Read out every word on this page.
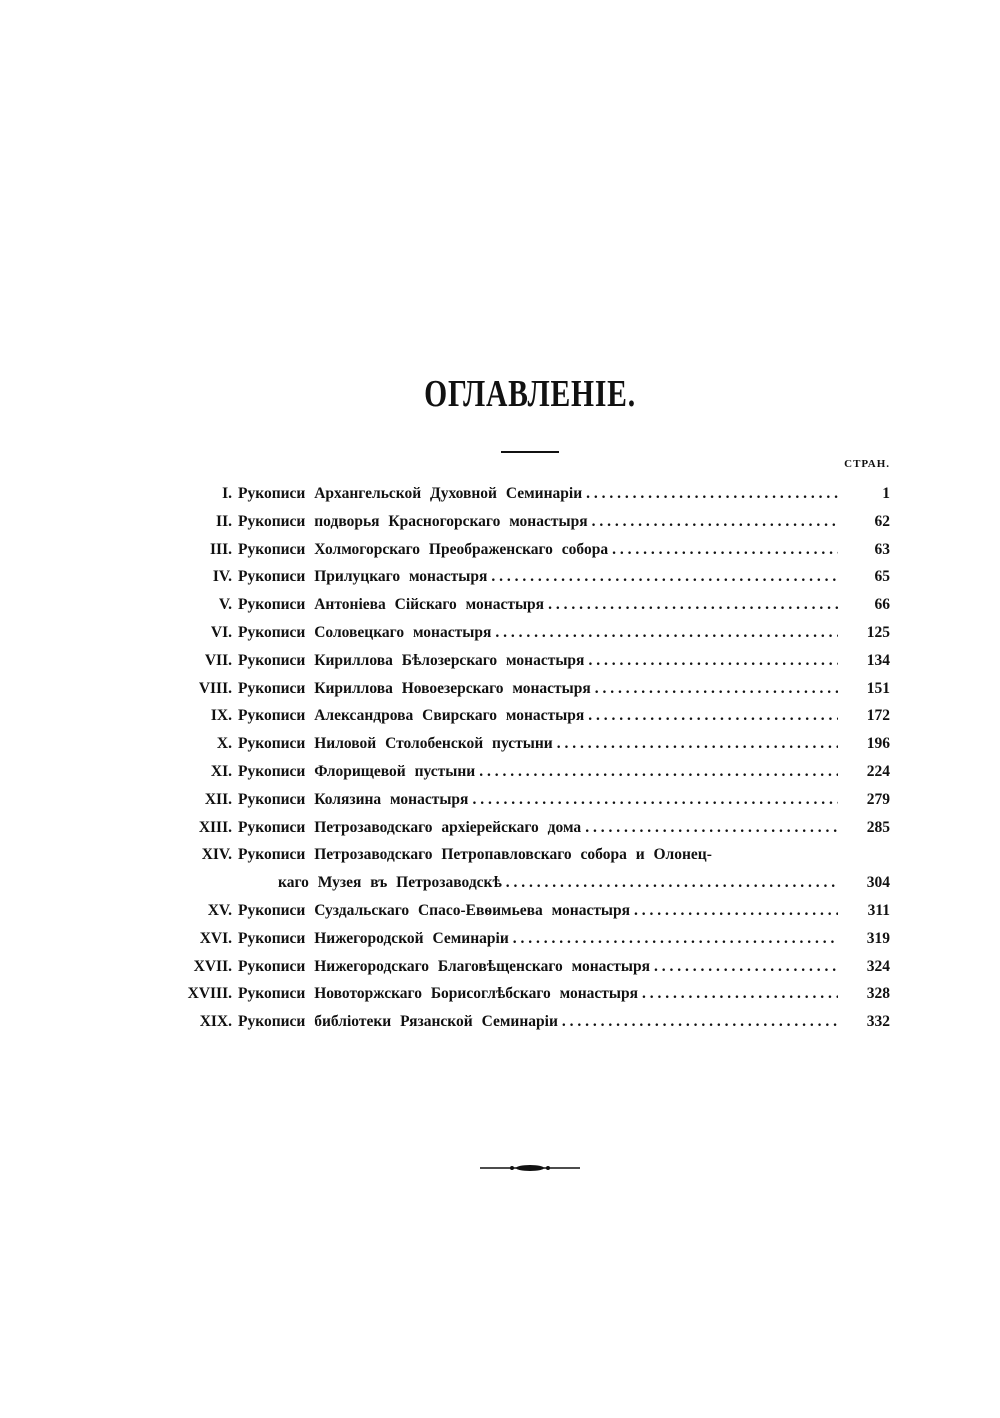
ОГЛАВЛЕНІЕ.
СТРАН.
I. Рукописи Архангельской Духовной Семинаріи . . .	1
II. Рукописи подворья Красногорскаго монастыря . . .	62
III. Рукописи Холмогорскаго Преображенскаго собора . . .	63
IV. Рукописи Прилуцкаго монастыря . . .	65
V. Рукописи Антоніева Сійскаго монастыря . . .	66
VI. Рукописи Соловецкаго монастыря . . .	125
VII. Рукописи Кириллова Бѣлозерскаго монастыря . . .	134
VIII. Рукописи Кириллова Новоезерскаго монастыря . . .	151
IX. Рукописи Александрова Свирскаго монастыря . . .	172
X. Рукописи Ниловой Столобенской пустыни . . .	196
XI. Рукописи Флорищевой пустыни . . .	224
XII. Рукописи Колязина монастыря . . .	279
XIII. Рукописи Петрозаводскаго архіерейскаго дома . . .	285
XIV. Рукописи Петрозаводскаго Петропавловскаго собора и Олонец-
каго Музея въ Петрозаводскѣ . . .	304
XV. Рукописи Суздальскаго Спасо-Евѳимьева монастыря . . .	311
XVI. Рукописи Нижегородской Семинаріи . . .	319
XVII. Рукописи Нижегородскаго Благовѣщенскаго монастыря . . .	324
XVIII. Рукописи Новоторжскаго Борисоглѣбскаго монастыря . . .	328
XIX. Рукописи библіотеки Рязанской Семинаріи . . .	332
